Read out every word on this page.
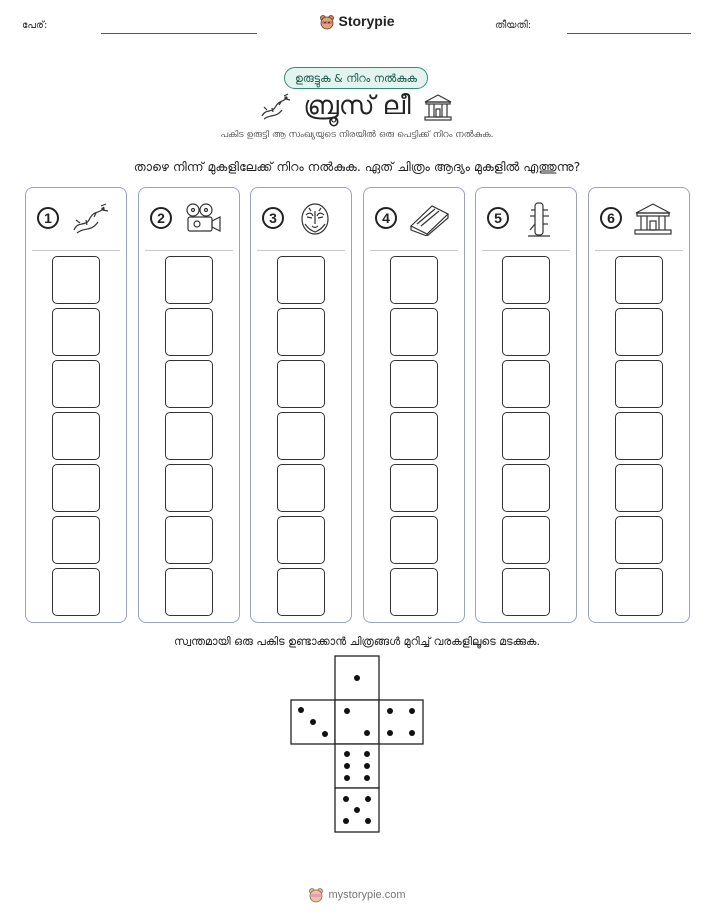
പേര്:	Storypie	തീയതി:
ഉരുട്ടുക & നിറം നൽകുക
ബ്രൂസ് ലീ
പകിട ഉരുട്ടി ആ സംഖ്യയുടെ നിരയിൽ ഒരു പെട്ടിക്ക് നിറം നൽകുക.
താഴെ നിന്ന് മുകളിലേക്ക് നിറം നൽകുക. ഏത് ചിത്രം ആദ്യം മുകളിൽ എത്തുന്നു?
1	2	3	4	5	6
സ്വന്തമായി ഒരു പകിട ഉണ്ടാക്കാൻ ചിത്രങ്ങൾ മുറിച്ച് വരകളിലൂടെ മടക്കുക.
mystorypie.com
